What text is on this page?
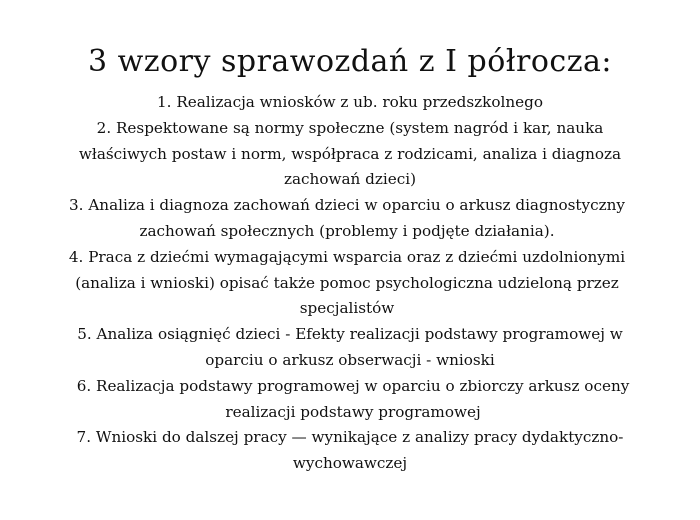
3 wzory sprawozdań z I półrocza:
1. Realizacja wniosków z ub. roku przedszkolnego
2. Respektowane są normy społeczne (system nagród i kar, nauka
właściwych postaw i norm, współpraca z rodzicami, analiza i diagnoza
zachowań dzieci)
3. Analiza i diagnoza zachowań dzieci w oparciu o arkusz diagnostyczny
zachowań społecznych (problemy i podjęte działania).
4. Praca z dziećmi wymagającymi wsparcia oraz z dziećmi uzdolnionymi
(analiza i wnioski) opisać także pomoc psychologiczna udzieloną przez
specjalistów
5. Analiza osiągnięć dzieci - Efekty realizacji podstawy programowej w
oparciu o arkusz obserwacji - wnioski
6. Realizacja podstawy programowej w oparciu o zbiorczy arkusz oceny
realizacji podstawy programowej
7. Wnioski do dalszej pracy — wynikające z analizy pracy dydaktyczno-
wychowawczej
